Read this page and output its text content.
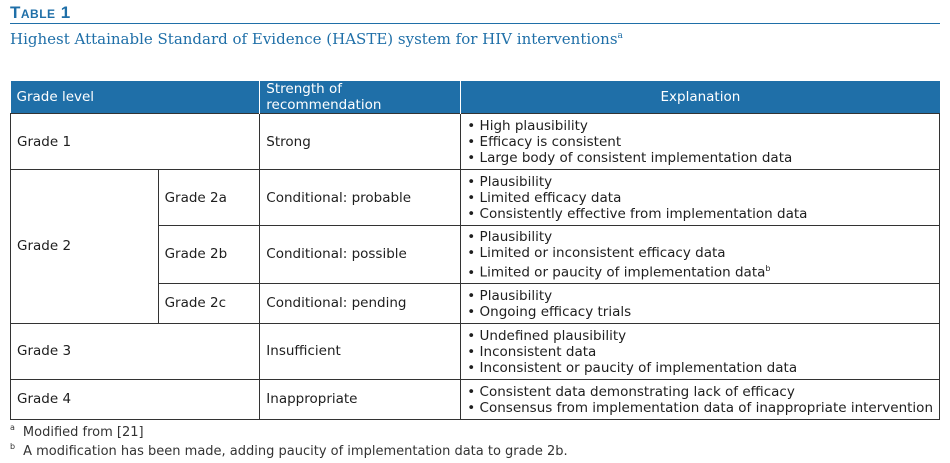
Table 1
Highest Attainable Standard of Evidence (HASTE) system for HIV interventions$^a$
Grade level		Strength of recommendation	Explanation
Grade 1		Strong	• High plausibility
• Efficacy is consistent
• Large body of consistent implementation data

Grade 2	Grade 2a	Conditional: probable	• Plausibility
• Limited efficacy data
• Consistently effective from implementation data

	Grade 2b	Conditional: possible	• Plausibility
• Limited or inconsistent efficacy data
• Limited or paucity of implementation data$^b$

	Grade 2c	Conditional: pending	• Plausibility
• Ongoing efficacy trials

Grade 3		Insufficient	• Undefined plausibility
• Inconsistent data
• Inconsistent or paucity of implementation data

Grade 4		Inappropriate	• Consistent data demonstrating lack of efficacy
• Consensus from implementation data of inappropriate intervention
$^a$ Modified from [21]
$^b$ A modification has been made, adding paucity of implementation data to grade 2b.
